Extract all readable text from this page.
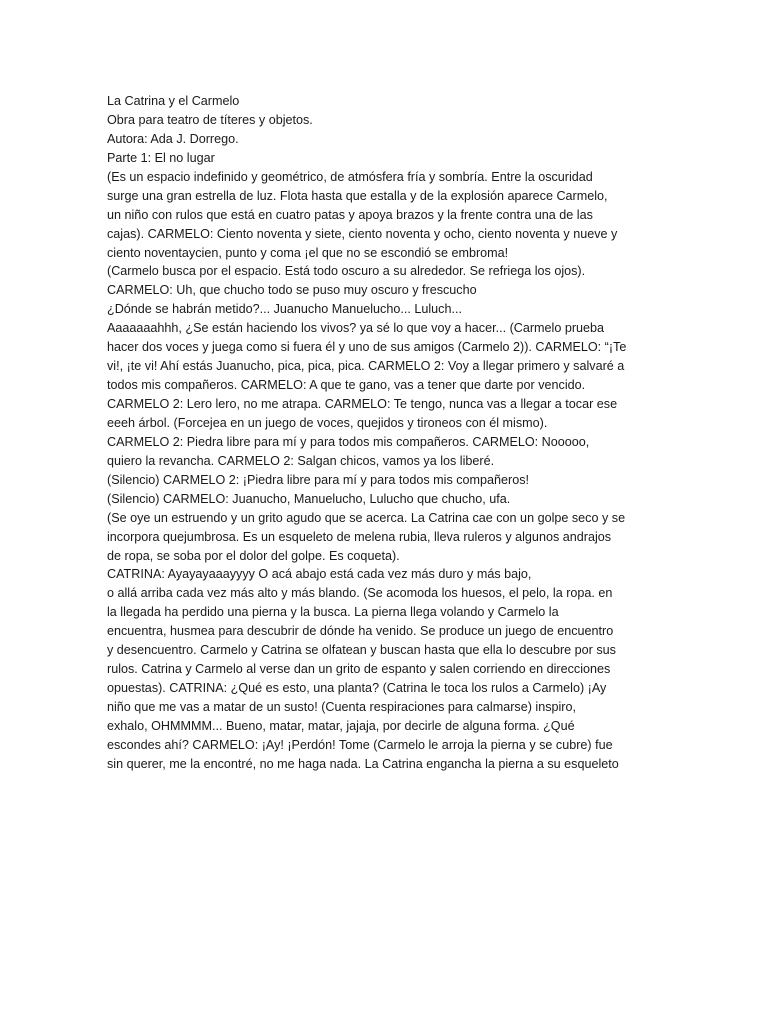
La Catrina y el Carmelo
Obra para teatro de títeres y objetos.
Autora: Ada J. Dorrego.
Parte 1: El no lugar
(Es un espacio indefinido y geométrico, de atmósfera fría y sombría. Entre la oscuridad
surge una gran estrella de luz. Flota hasta que estalla y de la explosión aparece Carmelo,
un niño con rulos que está en cuatro patas y apoya brazos y la frente contra una de las
cajas). CARMELO: Ciento noventa y siete, ciento noventa y ocho, ciento noventa y nueve y
ciento noventaycien, punto y coma ¡el que no se escondió se embroma!
(Carmelo busca por el espacio. Está todo oscuro a su alrededor. Se refriega los ojos).
CARMELO: Uh, que chucho todo se puso muy oscuro y frescucho
¿Dónde se habrán metido?... Juanucho Manuelucho... Luluch...
Aaaaaaahhh, ¿Se están haciendo los vivos? ya sé lo que voy a hacer... (Carmelo prueba
hacer dos voces y juega como si fuera él y uno de sus amigos (Carmelo 2)). CARMELO: “¡Te
vi!, ¡te vi! Ahí estás Juanucho, pica, pica, pica. CARMELO 2: Voy a llegar primero y salvaré a
todos mis compañeros. CARMELO: A que te gano, vas a tener que darte por vencido.
CARMELO 2: Lero lero, no me atrapa. CARMELO: Te tengo, nunca vas a llegar a tocar ese
eeeh árbol. (Forcejea en un juego de voces, quejidos y tironeos con él mismo).
CARMELO 2: Piedra libre para mí y para todos mis compañeros. CARMELO: Nooooo,
quiero la revancha. CARMELO 2: Salgan chicos, vamos ya los liberé.
(Silencio) CARMELO 2: ¡Piedra libre para mí y para todos mis compañeros!
(Silencio) CARMELO: Juanucho, Manuelucho, Lulucho que chucho, ufa.
(Se oye un estruendo y un grito agudo que se acerca. La Catrina cae con un golpe seco y se
incorpora quejumbrosa. Es un esqueleto de melena rubia, lleva ruleros y algunos andrajos
de ropa, se soba por el dolor del golpe. Es coqueta).
CATRINA: Ayayayaaayyyy O acá abajo está cada vez más duro y más bajo,
o allá arriba cada vez más alto y más blando. (Se acomoda los huesos, el pelo, la ropa. en
la llegada ha perdido una pierna y la busca. La pierna llega volando y Carmelo la
encuentra, husmea para descubrir de dónde ha venido. Se produce un juego de encuentro
y desencuentro. Carmelo y Catrina se olfatean y buscan hasta que ella lo descubre por sus
rulos. Catrina y Carmelo al verse dan un grito de espanto y salen corriendo en direcciones
opuestas). CATRINA: ¿Qué es esto, una planta? (Catrina le toca los rulos a Carmelo) ¡Ay
niño que me vas a matar de un susto! (Cuenta respiraciones para calmarse) inspiro,
exhalo, OHMMMM... Bueno, matar, matar, jajaja, por decirle de alguna forma. ¿Qué
escondes ahí? CARMELO: ¡Ay! ¡Perdón! Tome (Carmelo le arroja la pierna y se cubre) fue
sin querer, me la encontré, no me haga nada. La Catrina engancha la pierna a su esqueleto
